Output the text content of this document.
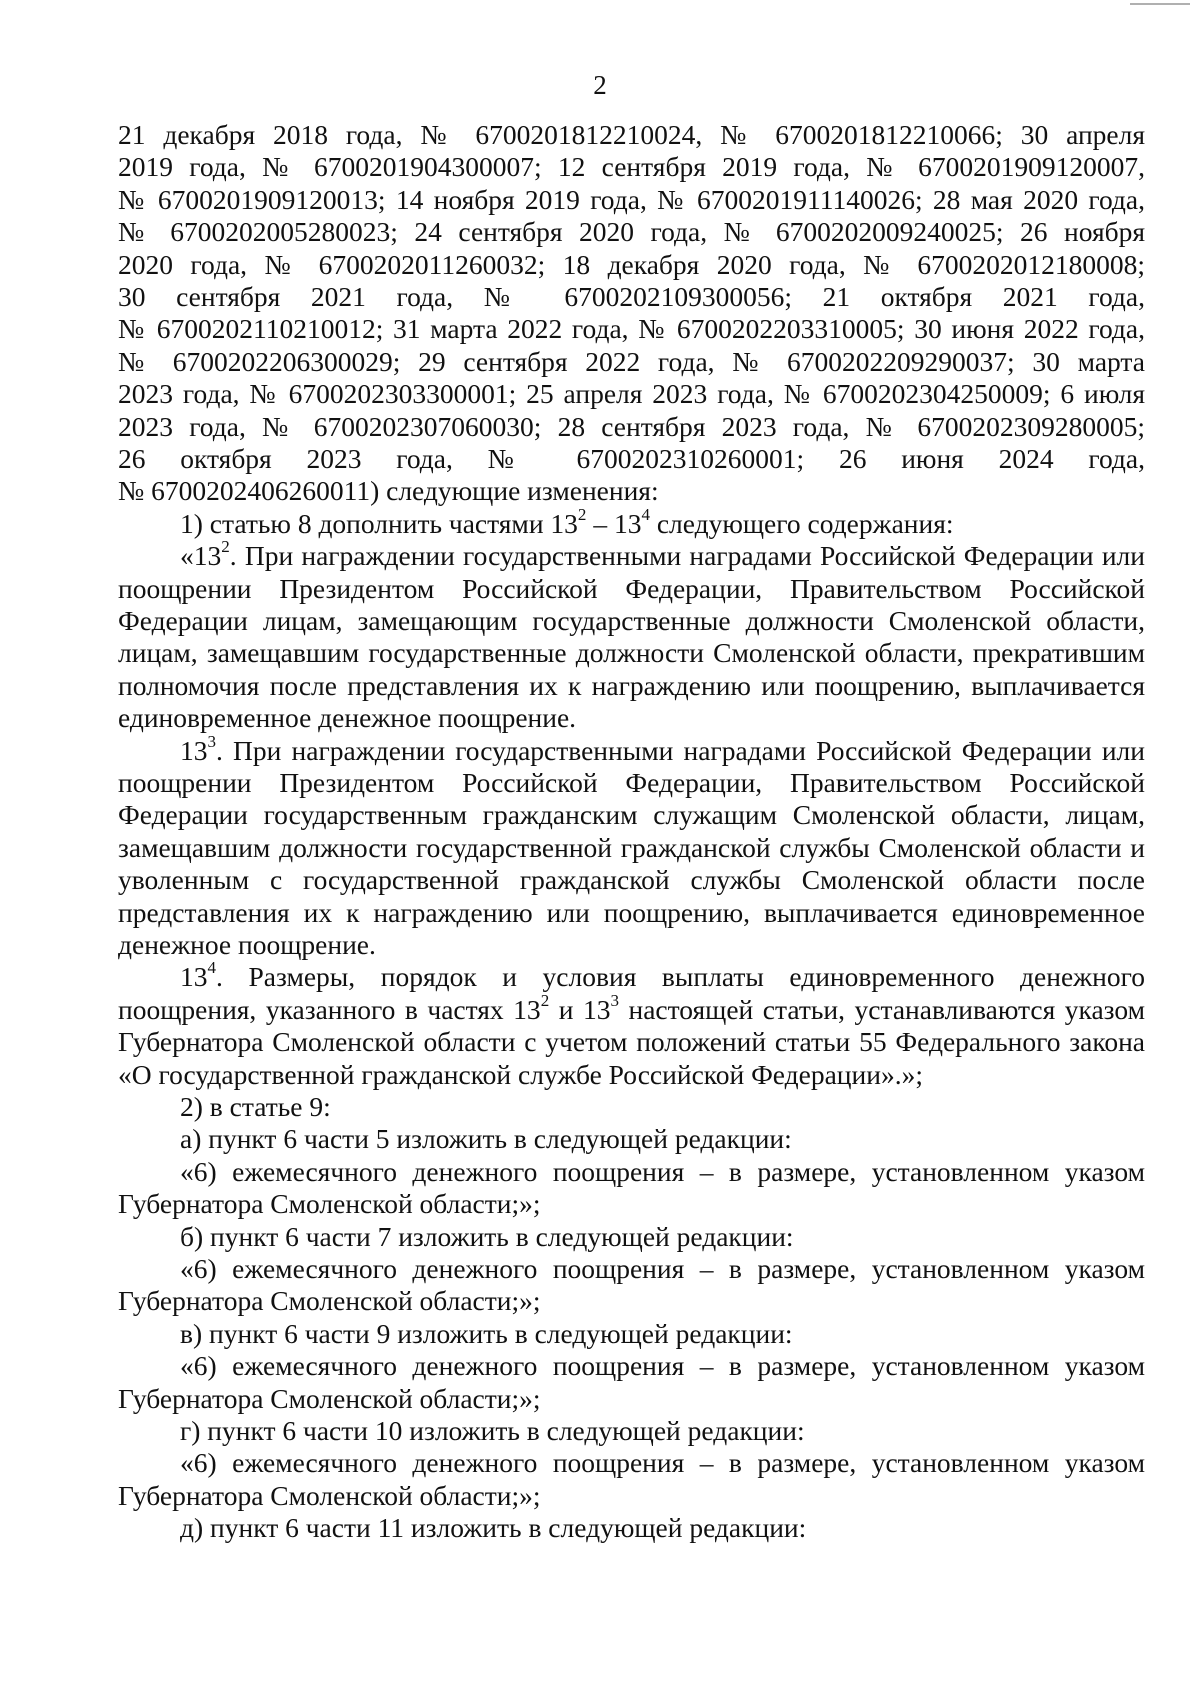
2
21 декабря 2018 года, № 6700201812210024, № 6700201812210066; 30 апреля
2019 года, № 6700201904300007; 12 сентября 2019 года, № 6700201909120007,
№ 6700201909120013; 14 ноября 2019 года, № 6700201911140026; 28 мая 2020 года,
№ 6700202005280023; 24 сентября 2020 года, № 6700202009240025; 26 ноября
2020 года, № 6700202011260032; 18 декабря 2020 года, № 6700202012180008;
30 сентября 2021 года, № 6700202109300056; 21 октября 2021 года,
№ 6700202110210012; 31 марта 2022 года, № 6700202203310005; 30 июня 2022 года,
№ 6700202206300029; 29 сентября 2022 года, № 6700202209290037; 30 марта
2023 года, № 6700202303300001; 25 апреля 2023 года, № 6700202304250009; 6 июля
2023 года, № 6700202307060030; 28 сентября 2023 года, № 6700202309280005;
26 октября 2023 года, № 6700202310260001; 26 июня 2024 года,
№ 6700202406260011) следующие изменения:

1) статью 8 дополнить частями $13^2 - 13^4$ следующего содержания:

«$13^2$. При награждении государственными наградами Российской Федерации или поощрении Президентом Российской Федерации, Правительством Российской Федерации лицам, замещающим государственные должности Смоленской области, лицам, замещавшим государственные должности Смоленской области, прекратившим полномочия после представления их к награждению или поощрению, выплачивается единовременное денежное поощрение.

$13^3$. При награждении государственными наградами Российской Федерации или поощрении Президентом Российской Федерации, Правительством Российской Федерации государственным гражданским служащим Смоленской области, лицам, замещавшим должности государственной гражданской службы Смоленской области и уволенным с государственной гражданской службы Смоленской области после представления их к награждению или поощрению, выплачивается единовременное денежное поощрение.

$13^4$. Размеры, порядок и условия выплаты единовременного денежного поощрения, указанного в частях $13^2$ и $13^3$ настоящей статьи, устанавливаются указом Губернатора Смоленской области с учетом положений статьи 55 Федерального закона «О государственной гражданской службе Российской Федерации».»;

2) в статье 9:

а) пункт 6 части 5 изложить в следующей редакции:

«6) ежемесячного денежного поощрения – в размере, установленном указом Губернатора Смоленской области;»;

б) пункт 6 части 7 изложить в следующей редакции:

«6) ежемесячного денежного поощрения – в размере, установленном указом Губернатора Смоленской области;»;

в) пункт 6 части 9 изложить в следующей редакции:

«6) ежемесячного денежного поощрения – в размере, установленном указом Губернатора Смоленской области;»;

г) пункт 6 части 10 изложить в следующей редакции:

«6) ежемесячного денежного поощрения – в размере, установленном указом Губернатора Смоленской области;»;

д) пункт 6 части 11 изложить в следующей редакции:
